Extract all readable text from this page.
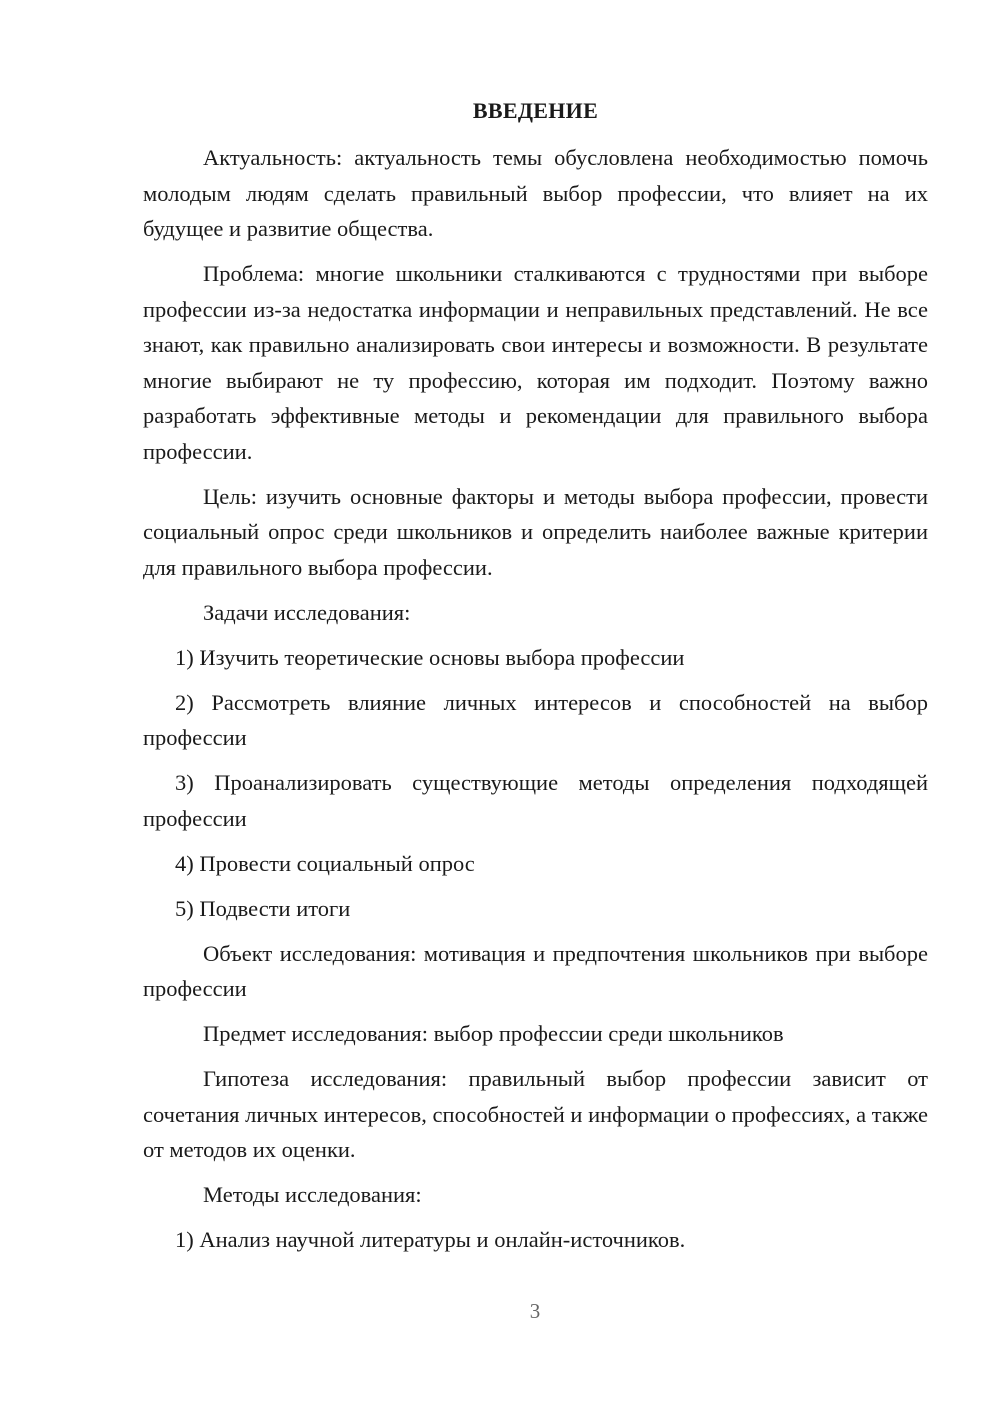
ВВЕДЕНИЕ

Актуальность: актуальность темы обусловлена необходимостью помочь молодым людям сделать правильный выбор профессии, что влияет на их будущее и развитие общества.

Проблема: многие школьники сталкиваются с трудностями при выборе профессии из-за недостатка информации и неправильных представлений. Не все знают, как правильно анализировать свои интересы и возможности. В результате многие выбирают не ту профессию, которая им подходит. Поэтому важно разработать эффективные методы и рекомендации для правильного выбора профессии.

Цель: изучить основные факторы и методы выбора профессии, провести социальный опрос среди школьников и определить наиболее важные критерии для правильного выбора профессии.

Задачи исследования:

1) Изучить теоретические основы выбора профессии

2) Рассмотреть влияние личных интересов и способностей на выбор профессии

3) Проанализировать существующие методы определения подходящей профессии

4) Провести социальный опрос

5) Подвести итоги

Объект исследования: мотивация и предпочтения школьников при выборе профессии

Предмет исследования: выбор профессии среди школьников

Гипотеза исследования: правильный выбор профессии зависит от сочетания личных интересов, способностей и информации о профессиях, а также от методов их оценки.

Методы исследования:

1) Анализ научной литературы и онлайн-источников.

3
